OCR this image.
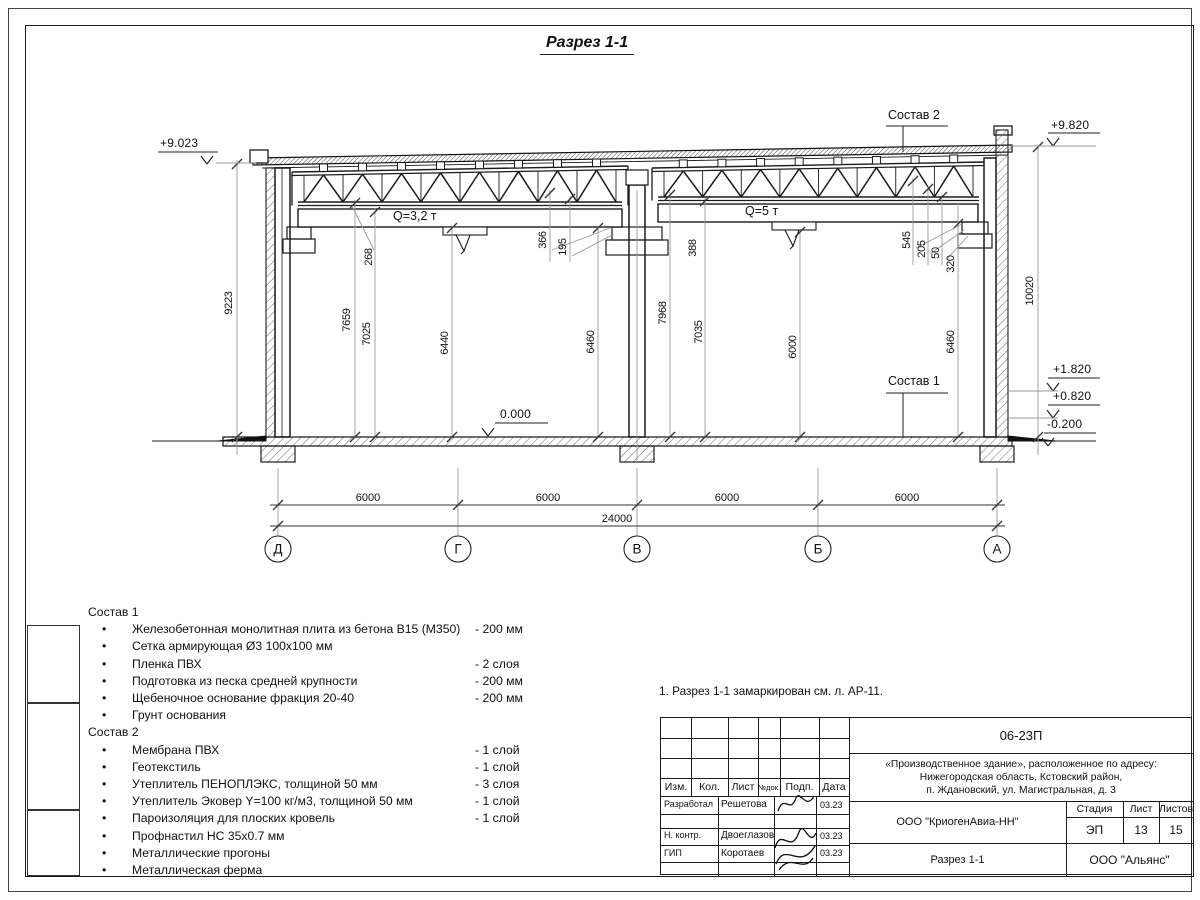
Разрез 1-1
+9.023
+9.820
+1.820
+0.820
-0.200
0.000
Состав 2
Состав 1
Q=3,2 т	Q=5 т
9223
268
7659
7025	6440
366 195
6460
388
7968
7035
6000	6460
545
205 50
320
10020
6000	6000	6000	6000
24000
Д	Г	В	Б	А
Состав 1
•
Железобетонная монолитная плита из бетона В15 (М350)	- 200 мм
•
Сетка армирующая Ø3 100х100 мм
•
Пленка ПВХ	- 2 слоя
•
Подготовка из песка средней крупности	- 200 мм
•
Щебеночное основание фракция 20-40	- 200 мм
•
Грунт основания
Состав 2
•
Мембрана ПВХ	- 1 слой
•
Геотекстиль	- 1 слой
•
Утеплитель ПЕНОПЛЭКС, толщиной 50 мм	- 3 слоя
•
Утеплитель Эковер Y=100 кг/м3, толщиной 50 мм	- 1 слой
•
Пароизоляция для плоских кровель	- 1 слой
•
Профнастил НС 35х0.7 мм
•
Металлические прогоны
•
Металлическая ферма
1. Разрез 1-1 замаркирован см. л. АР-11.
Изм.	Кол.	Лист №док. Подп. Дата
Разработал Решетова	03.23
Н. контр. Двоеглазов	03.23
ГИП	Коротаев	03.23
06-23П
«Производственное здание», расположенное по адресу:
Нижегородская область, Кстовский район,
п. Ждановский, ул. Магистральная, д. 3
ООО "КриогенАвиа-НН"
Стадия	Лист Листов
ЭП	13	15
Разрез 1-1	ООО "Альянс"
